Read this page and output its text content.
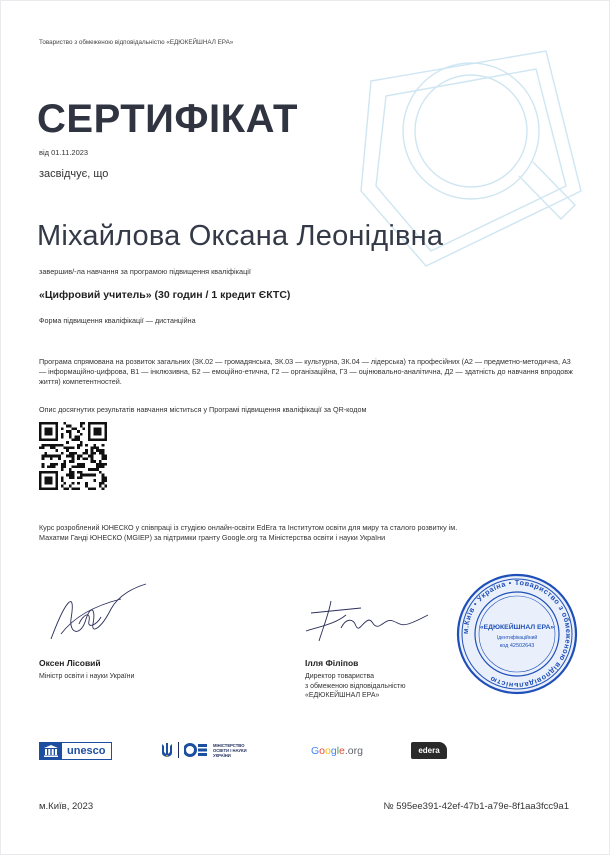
Товариство з обмеженою відповідальністю «ЕДЮКЕЙШНАЛ ЕРА»
СЕРТИФІКАТ
від 01.11.2023
засвідчує, що
Міхайлова Оксана Леонідівна
завершив/-ла навчання за програмою підвищення кваліфікації
«Цифровий учитель» (30 годин / 1 кредит ЄКТС)
Форма підвищення кваліфікації — дистанційна
Програма спрямована на розвиток загальних (ЗК.02 — громадянська, ЗК.03 — культурна, ЗК.04 — лідерська) та професійних (А2 — предметно-методична, А3 — інформаційно-цифрова, В1 — інклюзивна, Б2 — емоційно-етична, Г2 — організаційна, Г3 — оцінювально-аналітична, Д2 — здатність до навчання впродовж життя) компетентностей.
Опис досягнутих результатів навчання міститься у Програмі підвищення кваліфікації за QR-кодом
Курс розроблений ЮНЕСКО у співпраці із студією онлайн-освіти EdEra та Інститутом освіти для миру та сталого розвитку ім. Махатми Ганді ЮНЕСКО (MGIEP) за підтримки гранту Google.org та Міністерства освіти і науки України
Оксен Лісовий
Міністр освіти і науки України
Ілля Філіпов
Директор товариства
з обмеженою відповідальністю
«ЕДЮКЕЙШНАЛ ЕРА»
м.Київ • Україна • Товариство з обмеженою відповідальністю
«ЕДЮКЕЙШНАЛ ЕРА»
Ідентифікаційний
код 42502643
unesco	МІНІСТЕРСТВО
ОСВІТИ І НАУКИ
УКРАЇНИ	Google.org	edera
м.Київ, 2023	№ 595ee391-42ef-47b1-a79e-8f1aa3fcc9a1
